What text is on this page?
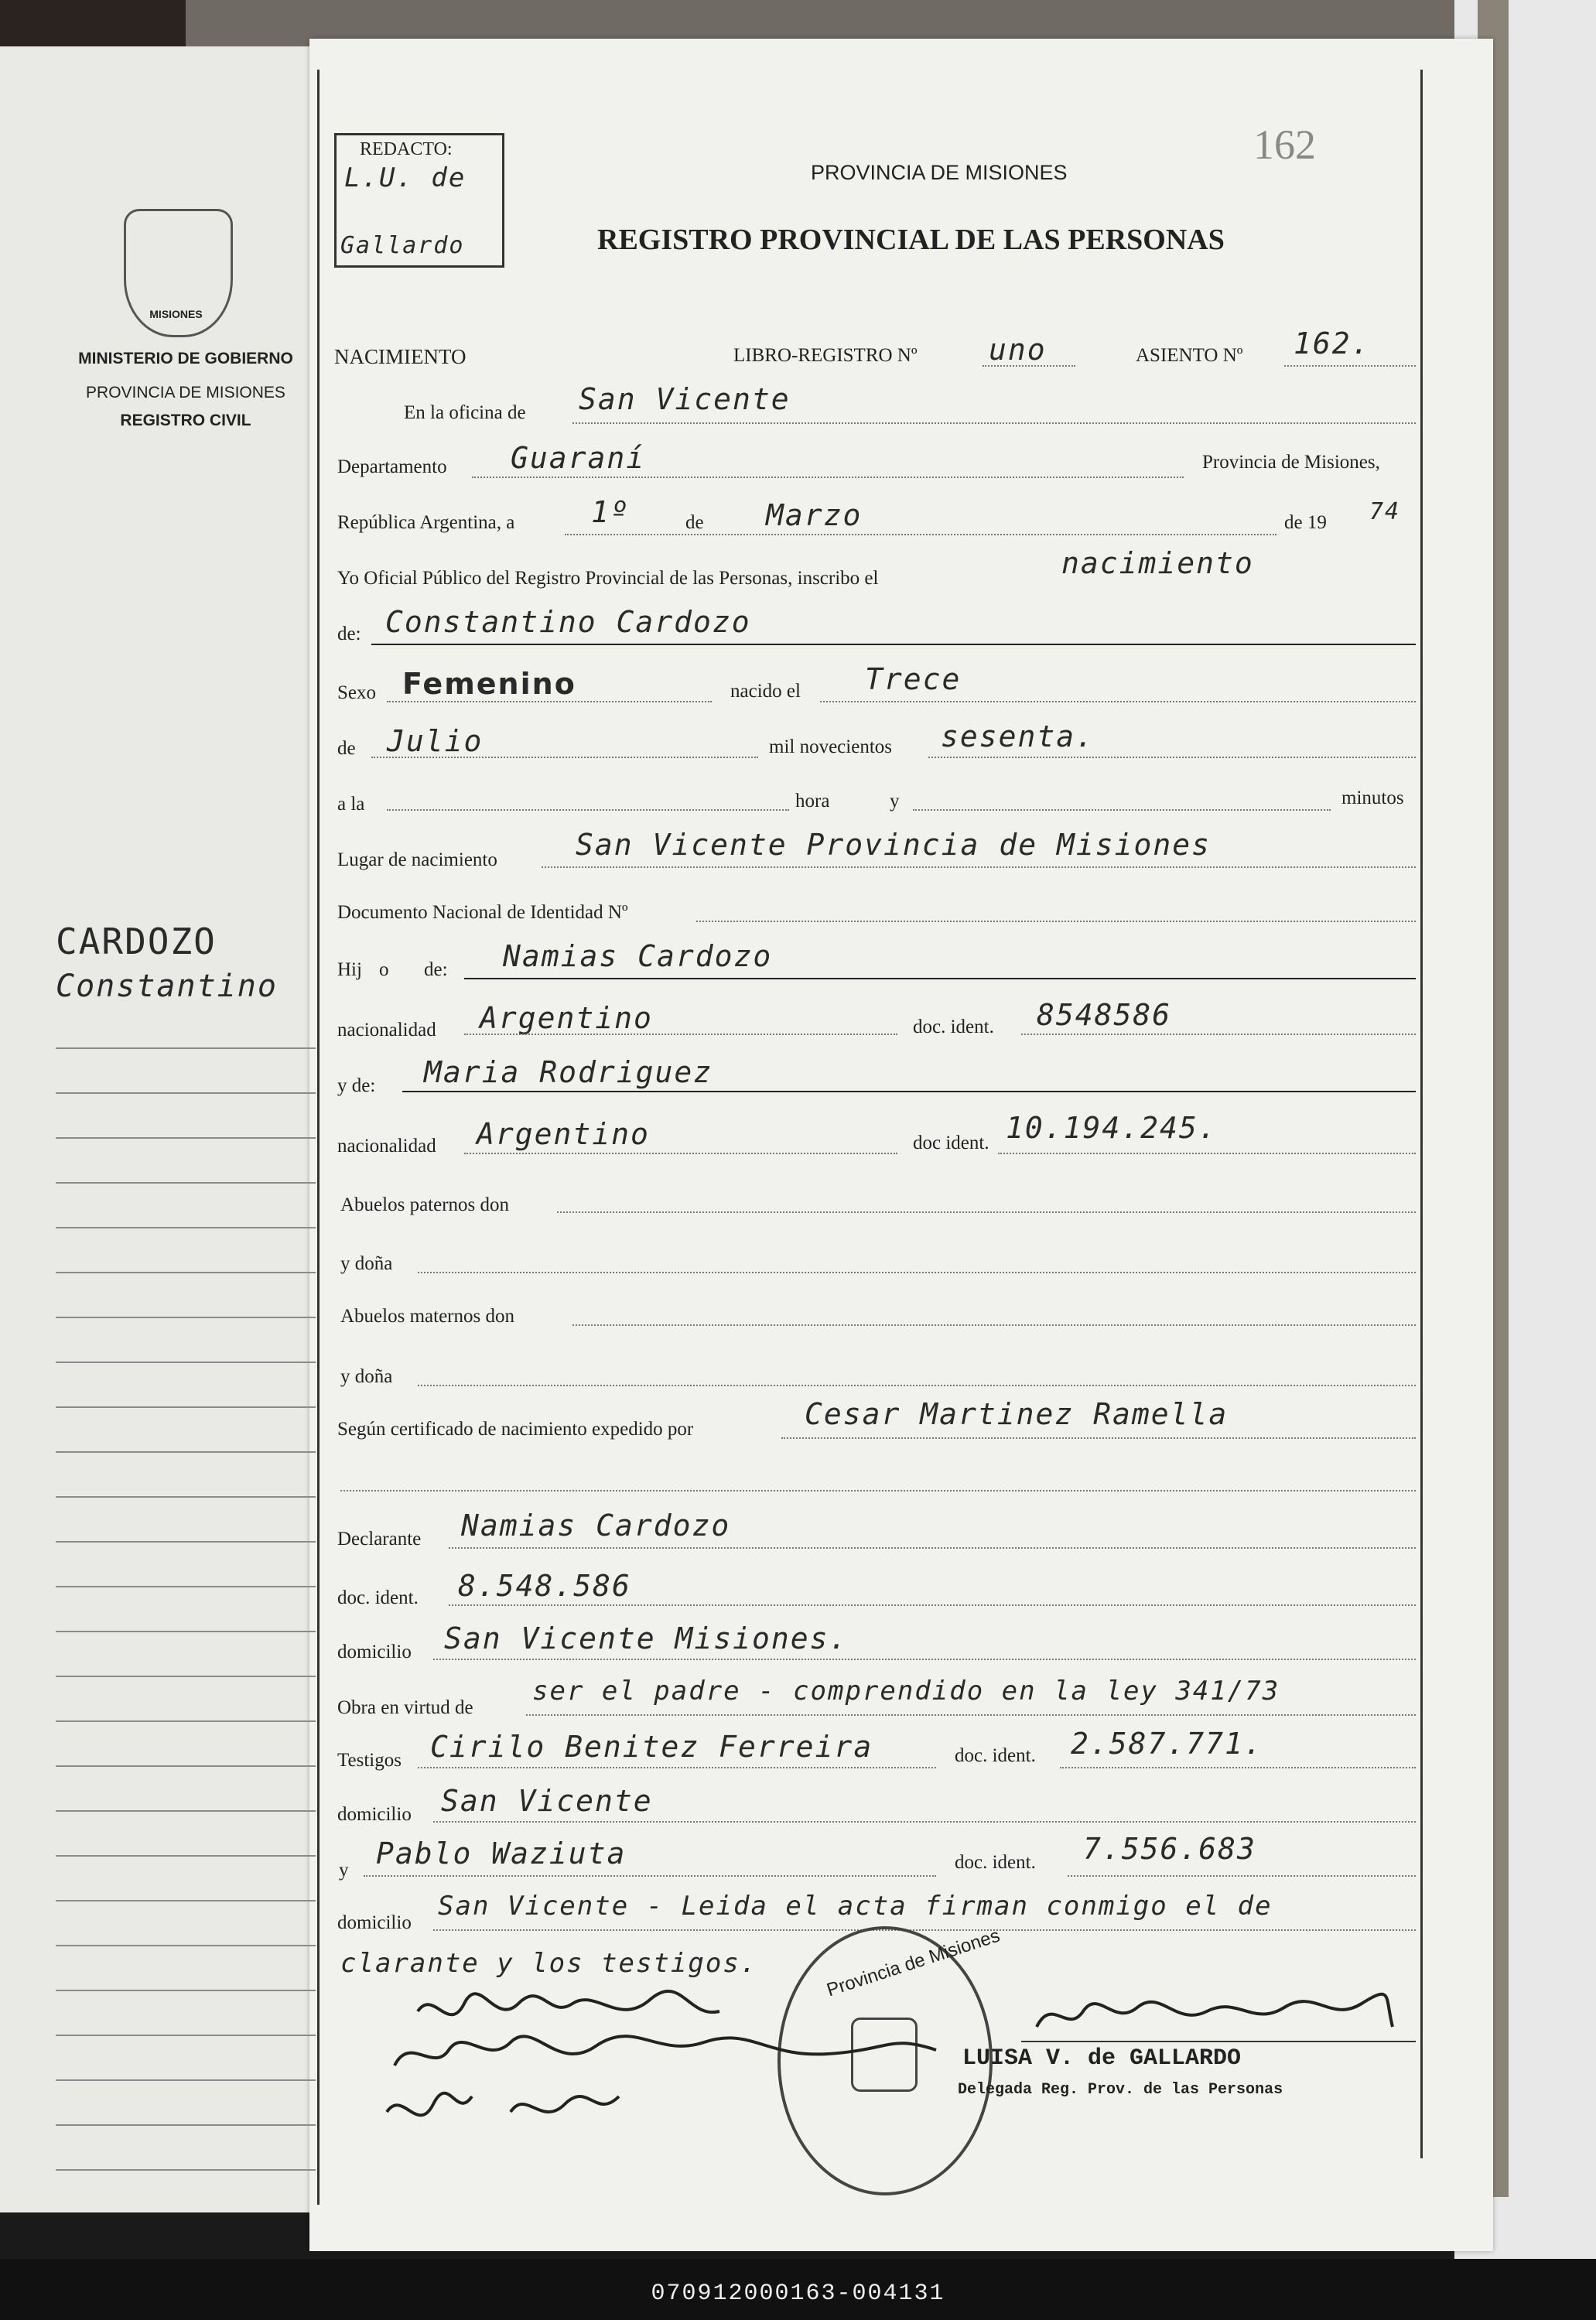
REDACTO:
L.U. de
Gallardo
PROVINCIA DE MISIONES
REGISTRO PROVINCIAL DE LAS PERSONAS
162
MISIONES
MINISTERIO DE GOBIERNO
PROVINCIA DE MISIONES
REGISTRO CIVIL
CARDOZO
Constantino
NACIMIENTO	LIBRO-REGISTRO Nº uno	ASIENTO Nº 162.
En la oficina de San Vicente
Departamento Guaraní	Provincia de Misiones,
República Argentina, a	1º	de Marzo	de 19 74
Yo Oficial Público del Registro Provincial de las Personas, inscribo el	nacimiento
de: Constantino Cardozo
Sexo Femenino	nacido el Trece
de Julio	mil novecientos sesenta.
a la	hora	y	minutos
Lugar de nacimiento	San Vicente Provincia de Misiones
Documento Nacional de Identidad Nº
Hij o de: Namias Cardozo
nacionalidad Argentino	doc. ident. 8548586
y de: Maria Rodriguez
nacionalidad Argentino	doc ident. 10.194.245.
Abuelos paternos don
y doña
Abuelos maternos don
y doña
Según certificado de nacimiento expedido por	Cesar Martinez Ramella
Declarante Namias Cardozo
doc. ident. 8.548.586
domicilio San Vicente Misiones.
Obra en virtud de
ser el padre - comprendido en la ley 341/73
Testigos Cirilo Benitez Ferreira	doc. ident. 2.587.771.
domicilio San Vicente
y Pablo Waziuta	doc. ident. 7.556.683
domicilio
San Vicente - Leida el acta firman conmigo el de
clarante y los testigos.	Provincia de Misiones
LUISA V. de GALLARDO
Delegada Reg. Prov. de las Personas
070912000163-004131
